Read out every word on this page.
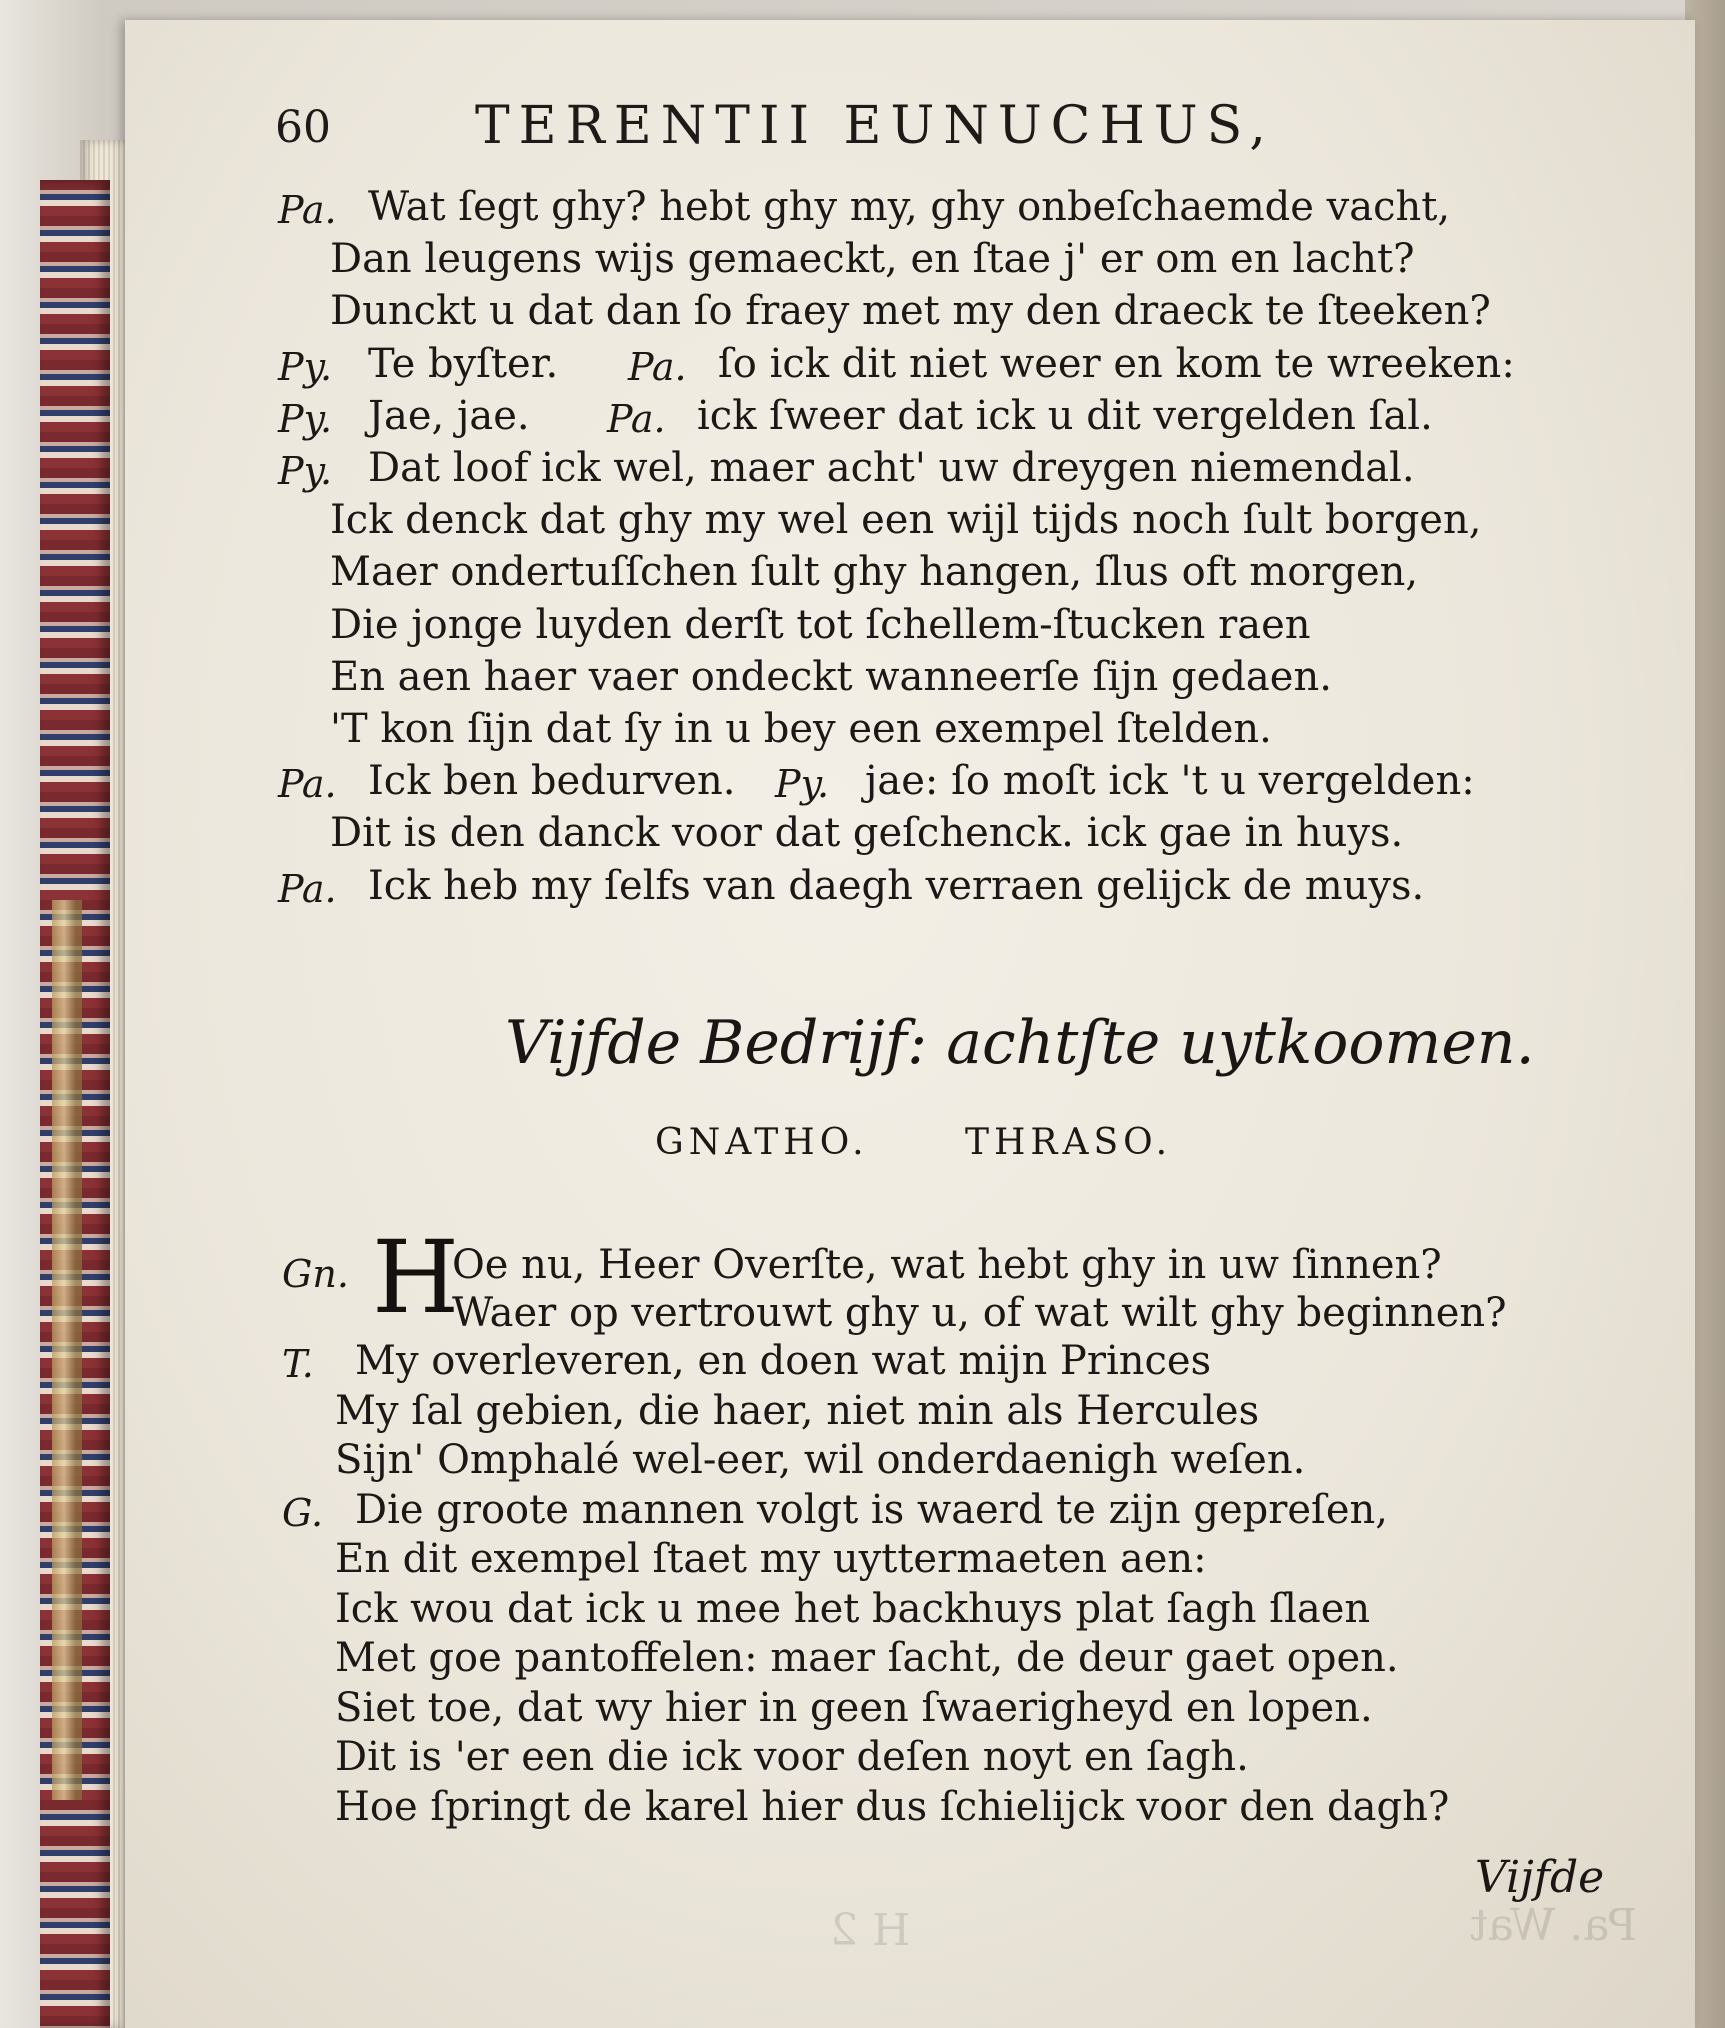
Pa. Wat
H 2
60	TERENTII EUNUCHUS,
Pa. Wat ſegt ghy? hebt ghy my, ghy onbeſchaemde vacht,
Dan leugens wijs gemaeckt, en ſtae j' er om en lacht?
Dunckt u dat dan ſo fraey met my den draeck te ſteeken?
Py. Te byſter. Pa. ſo ick dit niet weer en kom te wreeken:
Py. Jae, jae. Pa. ick ſweer dat ick u dit vergelden ſal.
Py. Dat loof ick wel, maer acht' uw dreygen niemendal.
Ick denck dat ghy my wel een wijl tijds noch ſult borgen,
Maer ondertuſſchen ſult ghy hangen, ſlus oft morgen,
Die jonge luyden derſt tot ſchellem-ſtucken raen
En aen haer vaer ondeckt wanneerſe ſijn gedaen.
'T kon ſijn dat ſy in u bey een exempel ſtelden.
Pa. Ick ben bedurven. Py. jae: ſo moſt ick 't u vergelden:
Dit is den danck voor dat geſchenck. ick gae in huys.
Pa. Ick heb my ſelfs van daegh verraen gelijck de muys.
Vijfde Bedrijf: achtſte uytkoomen.
GNATHO.	THRASO.
Gn. H
Oe nu, Heer Overſte, wat hebt ghy in uw ſinnen?
Waer op vertrouwt ghy u, of wat wilt ghy beginnen?
T. My overleveren, en doen wat mijn Princes
My ſal gebien, die haer, niet min als Hercules
Sijn' Omphalé wel-eer, wil onderdaenigh weſen.
G. Die groote mannen volgt is waerd te zijn gepreſen,
En dit exempel ſtaet my uyttermaeten aen:
Ick wou dat ick u mee het backhuys plat ſagh ſlaen
Met goe pantoffelen: maer ſacht, de deur gaet open.
Siet toe, dat wy hier in geen ſwaerigheyd en lopen.
Dit is 'er een die ick voor deſen noyt en ſagh.
Hoe ſpringt de karel hier dus ſchielijck voor den dagh?
Vijfde
